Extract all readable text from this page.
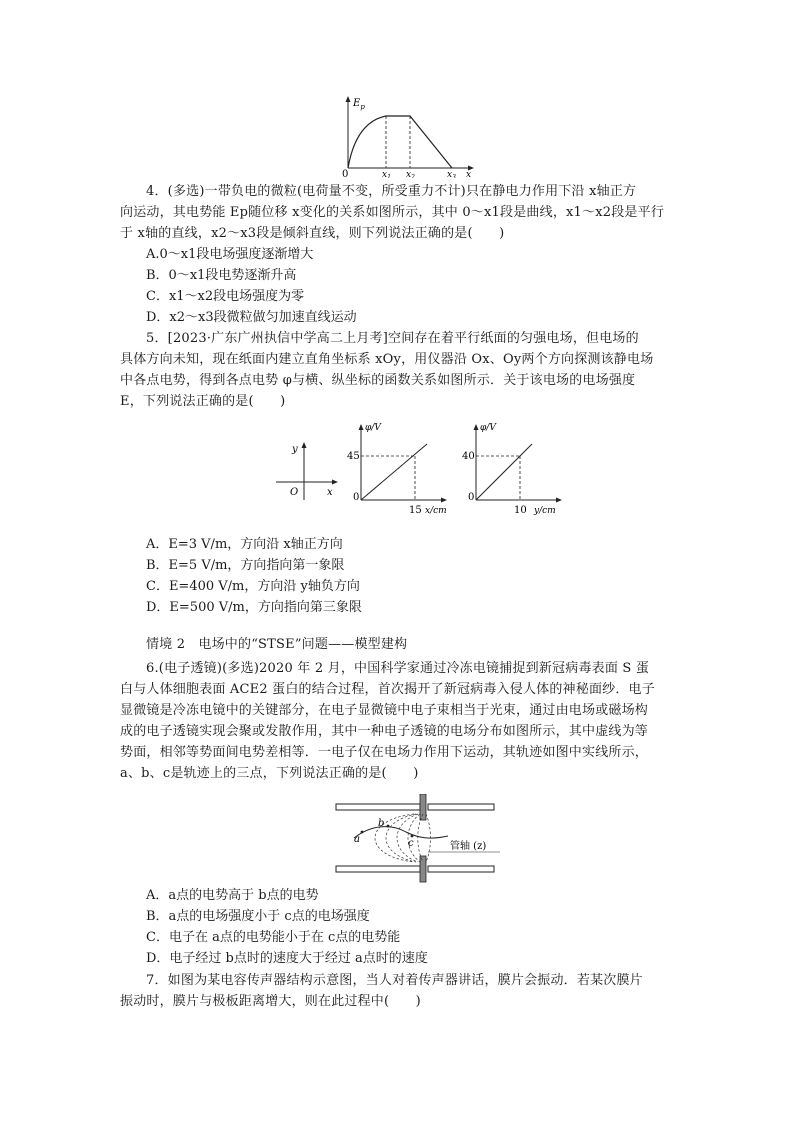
$E_p$
0	$x_1$ $x_2$	$x_3$ x
4．(多选)一带负电的微粒(电荷量不变，所受重力不计)只在静电力作用下沿 x轴正方
向运动，其电势能 Ep随位移 x变化的关系如图所示，其中 0～x1段是曲线，x1～x2段是平行
于 x轴的直线，x2～x3段是倾斜直线，则下列说法正确的是(　　)
A.0～x1段电场强度逐渐增大
B．0～x1段电势逐渐升高
C．x1～x2段电场强度为零
D．x2～x3段微粒做匀加速直线运动
5．[2023·广东广州执信中学高二上月考]空间存在着平行纸面的匀强电场，但电场的
具体方向未知，现在纸面内建立直角坐标系 xOy，用仪器沿 Ox、Oy两个方向探测该静电场
中各点电势，得到各点电势 φ与横、纵坐标的函数关系如图所示．关于该电场的电场强度
E，下列说法正确的是(　　)
y
x
O
φ/V
45
0
15 x/cm
φ/V
40
0
10 y/cm
A．E=3 V/m，方向沿 x轴正方向
B．E=5 V/m，方向指向第一象限
C．E=400 V/m，方向沿 y轴负方向
D．E=500 V/m，方向指向第三象限
情境 2　电场中的“STSE”问题——模型建构
6.(电子透镜)(多选)2020 年 2 月，中国科学家通过冷冻电镜捕捉到新冠病毒表面 S 蛋
白与人体细胞表面 ACE2 蛋白的结合过程，首次揭开了新冠病毒入侵人体的神秘面纱．电子
显微镜是冷冻电镜中的关键部分，在电子显微镜中电子束相当于光束，通过由电场或磁场构
成的电子透镜实现会聚或发散作用，其中一种电子透镜的电场分布如图所示，其中虚线为等
势面，相邻等势面间电势差相等．一电子仅在电场力作用下运动，其轨迹如图中实线所示，
a、b、c是轨迹上的三点，下列说法正确的是(　　)
a
b
c	管轴 (z)
A．a点的电势高于 b点的电势
B．a点的电场强度小于 c点的电场强度
C．电子在 a点的电势能小于在 c点的电势能
D．电子经过 b点时的速度大于经过 a点时的速度
7．如图为某电容传声器结构示意图，当人对着传声器讲话，膜片会振动．若某次膜片
振动时，膜片与极板距离增大，则在此过程中(　　)
